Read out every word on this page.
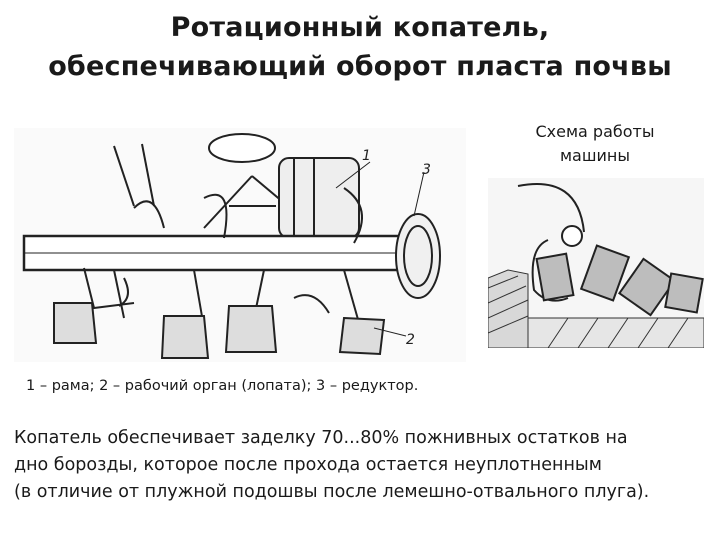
Ротационный копатель,
обеспечивающий оборот пласта почвы
1
3
2
Схема работы
машины
1 – рама; 2 – рабочий орган (лопата); 3 – редуктор.
Копатель обеспечивает заделку 70...80% пожнивных остатков на
дно борозды, которое после прохода остается неуплотненным
(в отличие от плужной подошвы после лемешно-отвального плуга).
